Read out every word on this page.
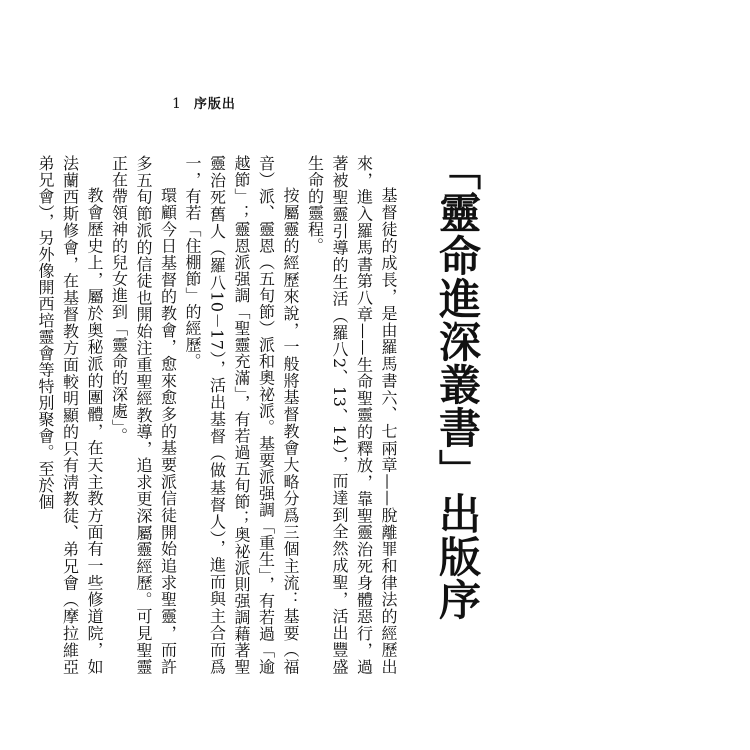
1 序版出
「靈命進深叢書」出版序

基督徒的成長，是由羅馬書六、七兩章——脫離罪和律法的經歷出來，進入羅馬書第八章——生命聖靈的釋放，靠聖靈治死身體惡行，過著被聖靈引導的生活（羅八2、13、14），而達到全然成聖，活出豐盛生命的靈程。

按屬靈的經歷來說，一般將基督教會大略分爲三個主流：基要（福音）派、靈恩（五旬節）派和奧祕派。基要派强調「重生」，有若過「逾越節」；靈恩派强調「聖靈充滿」，有若過五旬節；奥祕派則强調藉著聖靈治死舊人（羅八10－17），活出基督（做基督人），進而與主合而爲一，有若「住棚節」的經歷。

環顧今日基督的教會，愈來愈多的基要派信徒開始追求聖靈，而許多五旬節派的信徒也開始注重聖經教導，追求更深屬靈經歷。可見聖靈正在帶領神的兒女進到「靈命的深處」。

教會歷史上，屬於奥秘派的團體，在天主教方面有一些修道院，如法蘭西斯修會，在基督教方面較明顯的只有淸教徒、弟兄會（摩拉維亞弟兄會），另外像開西培靈會等特別聚會。至於個
